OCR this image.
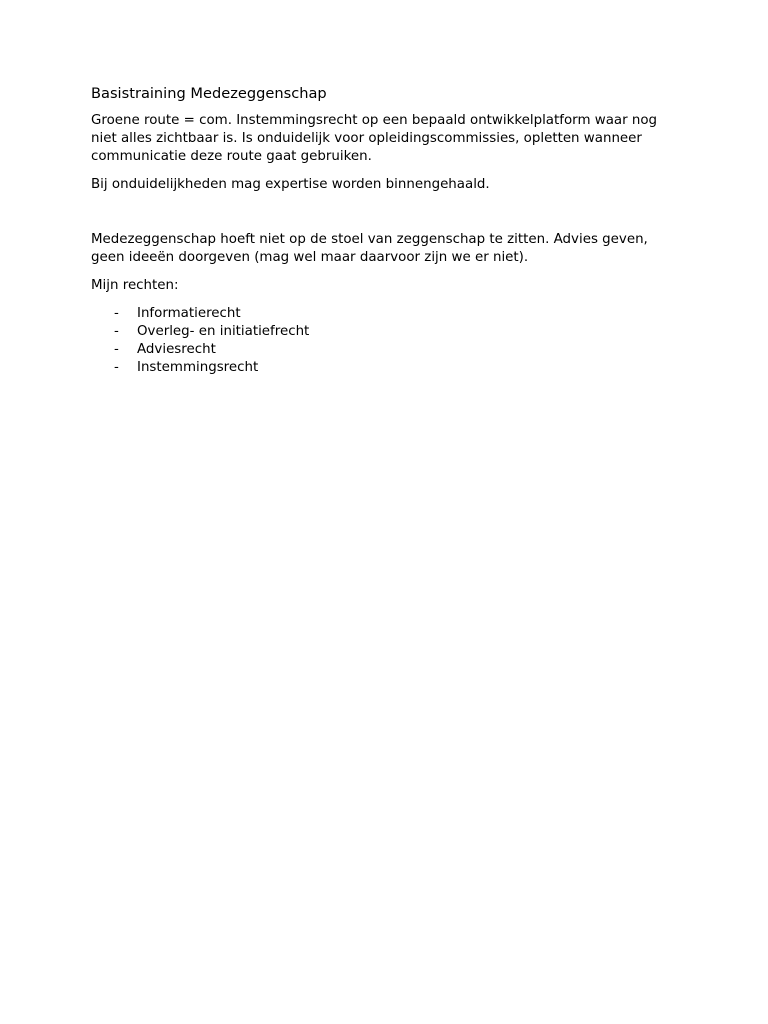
Basistraining Medezeggenschap

Groene route = com. Instemmingsrecht op een bepaald ontwikkelplatform waar nog niet alles zichtbaar is. Is onduidelijk voor opleidingscommissies, opletten wanneer communicatie deze route gaat gebruiken.

Bij onduidelijkheden mag expertise worden binnengehaald.

Medezeggenschap hoeft niet op de stoel van zeggenschap te zitten. Advies geven, geen ideeën doorgeven (mag wel maar daarvoor zijn we er niet).

Mijn rechten:

- Informatierecht
- Overleg- en initiatiefrecht
- Adviesrecht
- Instemmingsrecht
